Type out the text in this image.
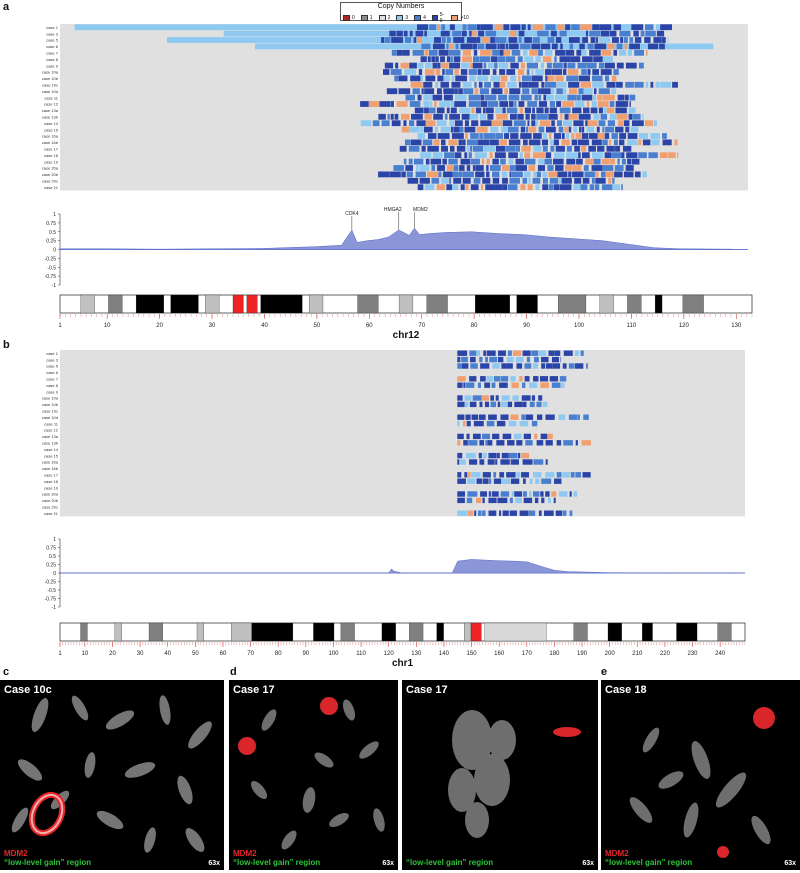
a
b
c	d	e
Copy Numbers
0	1	2	3	4	5-9	>10
case 1
case 3
case 5
case 6
case 7
case 8
case 9
case 10a
case 10b
case 10c
case 10d
case 11
case 12
case 13a
case 13b
case 14
case 15
case 16a
case 16b
case 17
case 18
case 19
case 20a
case 20b
case 20c
case 21
1
0.75
0.5
0.25
0
-0.25
-0.5
-0.75
-1
CDK4
HMGA2 MDM2
1	10	20	30	40	50	60	70	80	90	100	110	120	130
chr12
case 1
case 3
case 5
case 6
case 7
case 8
case 9
case 10a
case 10b
case 10c
case 10d
case 11
case 12
case 13a
case 13b
case 14
case 15
case 16a
case 16b
case 17
case 18
case 19
case 20a
case 20b
case 20c
case 21
1
0.75
0.5
0.25
0
-0.25
-0.5
-0.75
-1
1	10	20	30	40	50	60	70	80	90	100	110	120	130	140	150	160	170	180	190	200	210	220	230	240
chr1
Case 10c
MDM2
“low-level gain” region	63x
Case 17
MDM2
“low-level gain” region	63x
Case 17
“low-level gain” region	63x
Case 18
MDM2
“low-level gain” region	63x
